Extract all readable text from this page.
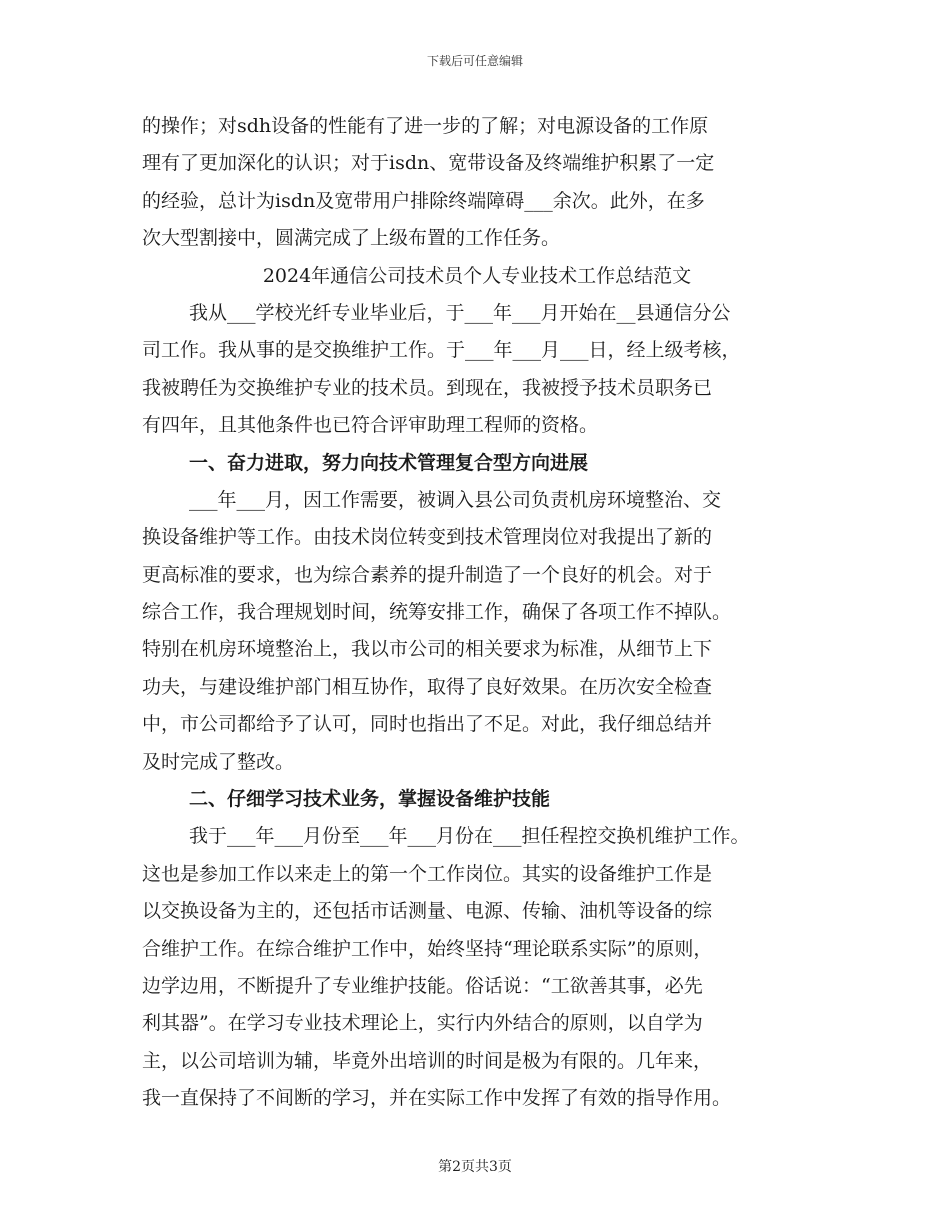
下载后可任意编辑
的操作；对sdh设备的性能有了进一步的了解；对电源设备的工作原
理有了更加深化的认识；对于isdn、宽带设备及终端维护积累了一定
的经验，总计为isdn及宽带用户排除终端障碍___余次。此外，在多
次大型割接中，圆满完成了上级布置的工作任务。
2024年通信公司技术员个人专业技术工作总结范文
我从___学校光纤专业毕业后，于___年___月开始在__县通信分公
司工作。我从事的是交换维护工作。于___年___月___日，经上级考核，
我被聘任为交换维护专业的技术员。到现在，我被授予技术员职务已
有四年，且其他条件也已符合评审助理工程师的资格。
一、奋力进取，努力向技术管理复合型方向进展
___年___月，因工作需要，被调入县公司负责机房环境整治、交
换设备维护等工作。由技术岗位转变到技术管理岗位对我提出了新的
更高标准的要求，也为综合素养的提升制造了一个良好的机会。对于
综合工作，我合理规划时间，统筹安排工作，确保了各项工作不掉队。
特别在机房环境整治上，我以市公司的相关要求为标准，从细节上下
功夫，与建设维护部门相互协作，取得了良好效果。在历次安全检查
中，市公司都给予了认可，同时也指出了不足。对此，我仔细总结并
及时完成了整改。
二、仔细学习技术业务，掌握设备维护技能
我于___年___月份至___年___月份在___担任程控交换机维护工作。
这也是参加工作以来走上的第一个工作岗位。其实的设备维护工作是
以交换设备为主的，还包括市话测量、电源、传输、油机等设备的综
合维护工作。在综合维护工作中，始终坚持“理论联系实际”的原则，
边学边用，不断提升了专业维护技能。俗话说：“工欲善其事，必先
利其器”。在学习专业技术理论上，实行内外结合的原则，以自学为
主，以公司培训为辅，毕竟外出培训的时间是极为有限的。几年来，
我一直保持了不间断的学习，并在实际工作中发挥了有效的指导作用。
第2页共3页
